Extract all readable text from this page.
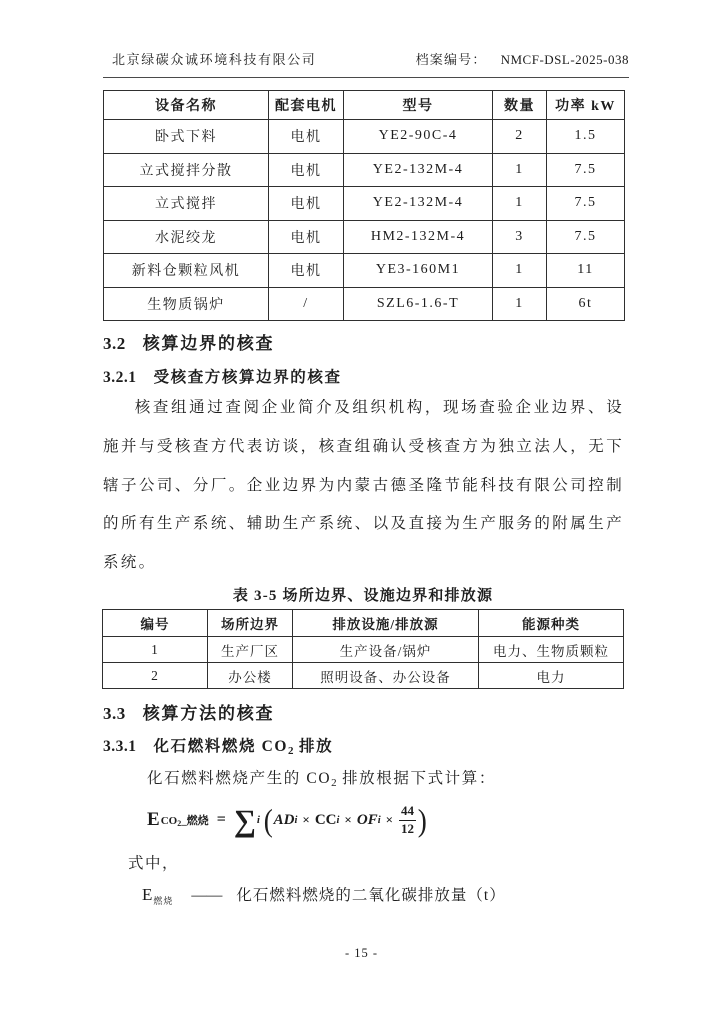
北京绿碳众诚环境科技有限公司	档案编号： NMCF-DSL-2025-038
设备名称	配套电机	型号	数量	功率 kW
卧式下料	电机	YE2-90C-4	2	1.5
立式搅拌分散	电机	YE2-132M-4	1	7.5
立式搅拌	电机	YE2-132M-4	1	7.5
水泥绞龙	电机	HM2-132M-4	3	7.5
新料仓颗粒风机	电机	YE3-160M1	1	11
生物质锅炉	/	SZL6-1.6-T	1	6t
3.2 核算边界的核查
3.2.1 受核查方核算边界的核查
核查组通过查阅企业简介及组织机构，现场查验企业边界、设施并与受核查方代表访谈，核查组确认受核查方为独立法人，无下辖子公司、分厂。企业边界为内蒙古德圣隆节能科技有限公司控制的所有生产系统、辅助生产系统、以及直接为生产服务的附属生产系统。
表 3-5 场所边界、设施边界和排放源
编号	场所边界	排放设施/排放源	能源种类
1	生产厂区	生产设备/锅炉	电力、生物质颗粒
2	办公楼	照明设备、办公设备	电力
3.3 核算方法的核查
3.3.1 化石燃料燃烧 $CO_2$ 排放
化石燃料燃烧产生的 $CO_2$ 排放根据下式计算：
E CO2_燃烧 = ∑ i ( AD i × CC i × OF $i \times \frac{44}{12}$ )
式中，
$E_{燃烧}$ —— 化石燃料燃烧的二氧化碳排放量（t）
- 15 -
